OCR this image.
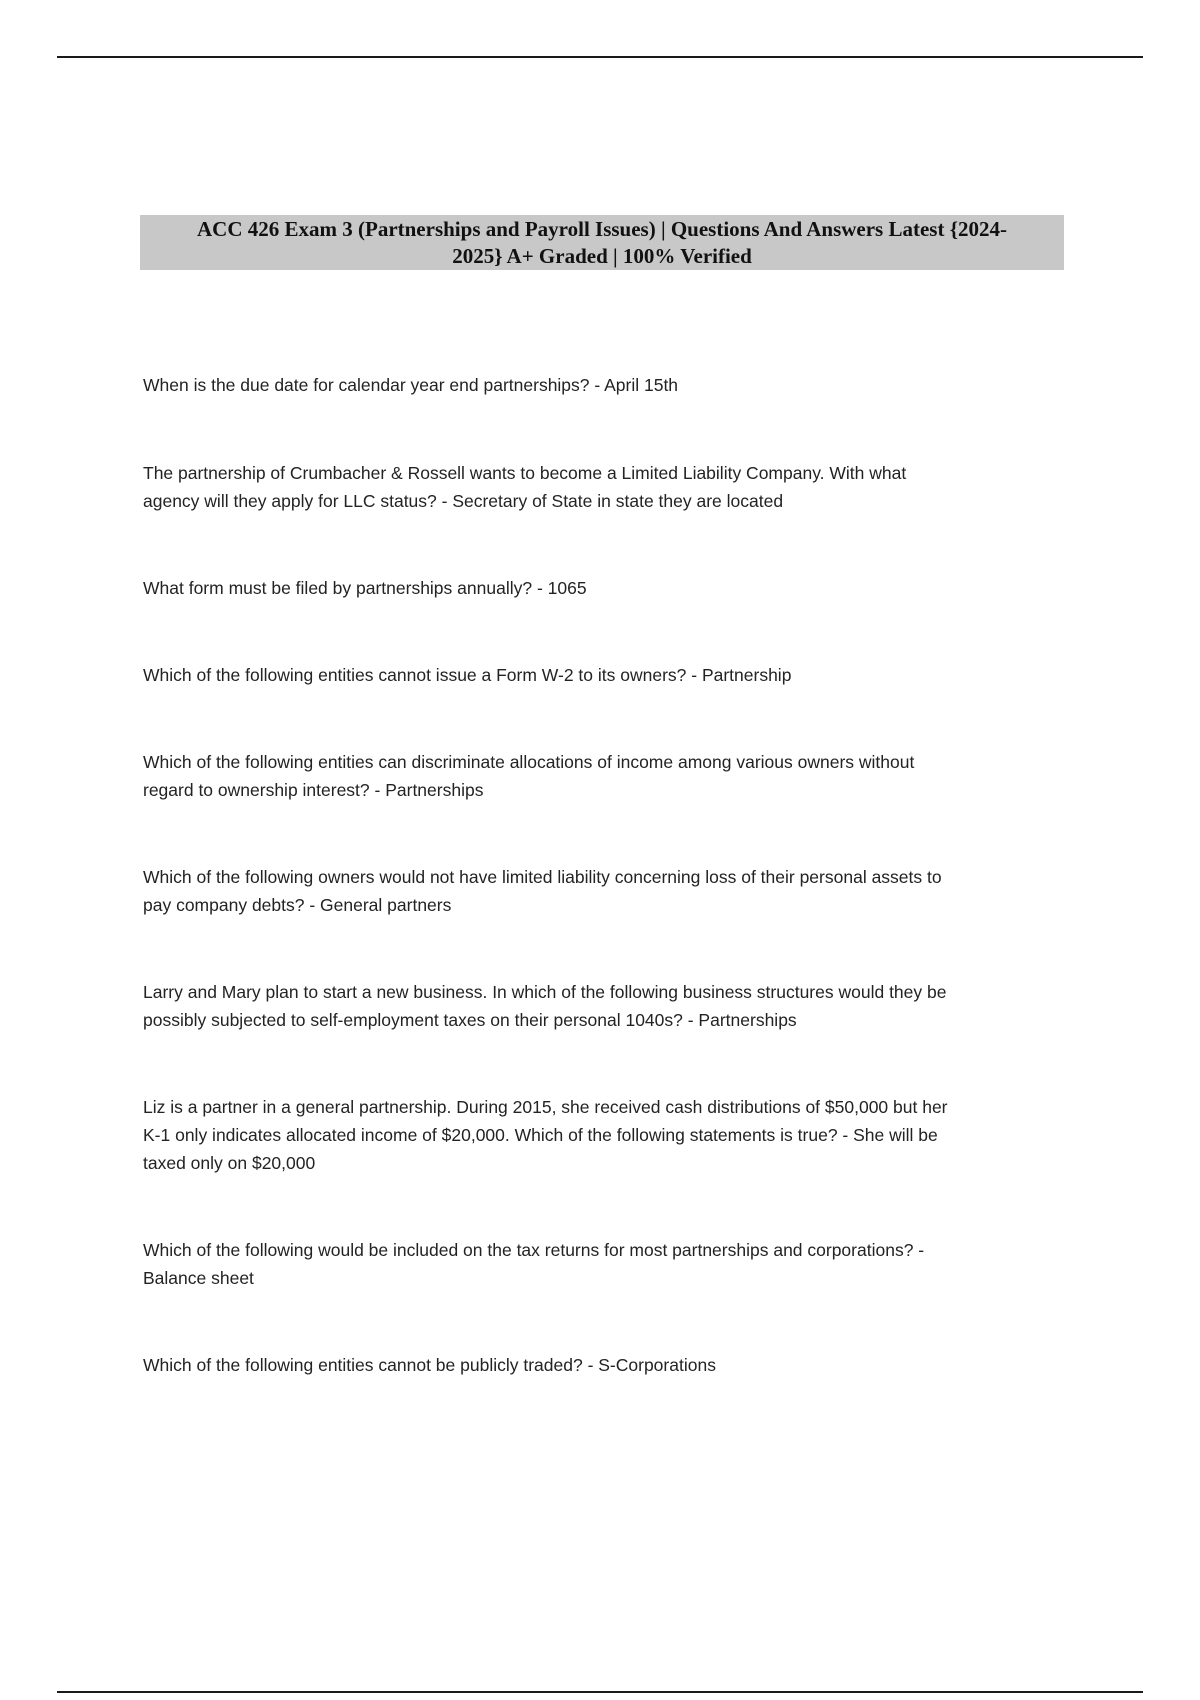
ACC 426 Exam 3 (Partnerships and Payroll Issues) | Questions And Answers Latest {2024-
2025} A+ Graded | 100% Verified
When is the due date for calendar year end partnerships? - April 15th
The partnership of Crumbacher & Rossell wants to become a Limited Liability Company. With what
agency will they apply for LLC status? - Secretary of State in state they are located
What form must be filed by partnerships annually? - 1065
Which of the following entities cannot issue a Form W-2 to its owners? - Partnership
Which of the following entities can discriminate allocations of income among various owners without
regard to ownership interest? - Partnerships
Which of the following owners would not have limited liability concerning loss of their personal assets to
pay company debts? - General partners
Larry and Mary plan to start a new business. In which of the following business structures would they be
possibly subjected to self-employment taxes on their personal 1040s? - Partnerships
Liz is a partner in a general partnership. During 2015, she received cash distributions of $50,000 but her
K-1 only indicates allocated income of $20,000. Which of the following statements is true? - She will be
taxed only on $20,000
Which of the following would be included on the tax returns for most partnerships and corporations? -
Balance sheet
Which of the following entities cannot be publicly traded? - S-Corporations
